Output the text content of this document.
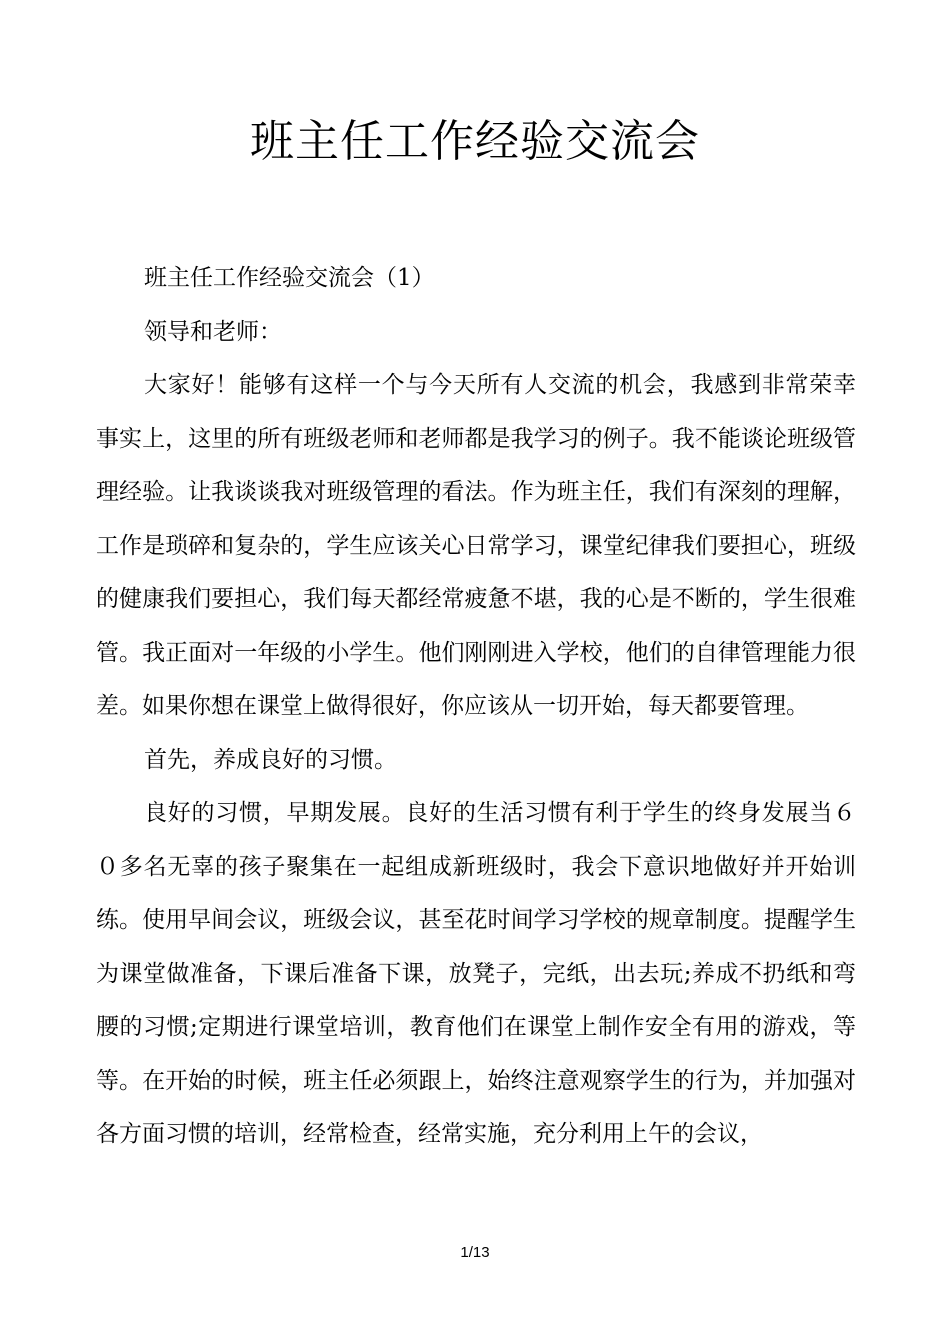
班主任工作经验交流会

班主任工作经验交流会（1）

领导和老师：

大家好！能够有这样一个与今天所有人交流的机会，我感到非常荣幸事实上，这里的所有班级老师和老师都是我学习的例子。我不能谈论班级管理经验。让我谈谈我对班级管理的看法。作为班主任，我们有深刻的理解，工作是琐碎和复杂的，学生应该关心日常学习，课堂纪律我们要担心，班级的健康我们要担心，我们每天都经常疲惫不堪，我的心是不断的，学生很难管。我正面对一年级的小学生。他们刚刚进入学校，他们的自律管理能力很差。如果你想在课堂上做得很好，你应该从一切开始，每天都要管理。

首先，养成良好的习惯。

良好的习惯，早期发展。良好的生活习惯有利于学生的终身发展当６０多名无辜的孩子聚集在一起组成新班级时，我会下意识地做好并开始训练。使用早间会议，班级会议，甚至花时间学习学校的规章制度。提醒学生为课堂做准备，下课后准备下课，放凳子，完纸，出去玩;养成不扔纸和弯腰的习惯;定期进行课堂培训，教育他们在课堂上制作安全有用的游戏，等等。在开始的时候，班主任必须跟上，始终注意观察学生的行为，并加强对各方面习惯的培训，经常检查，经常实施，充分利用上午的会议，

1/13
